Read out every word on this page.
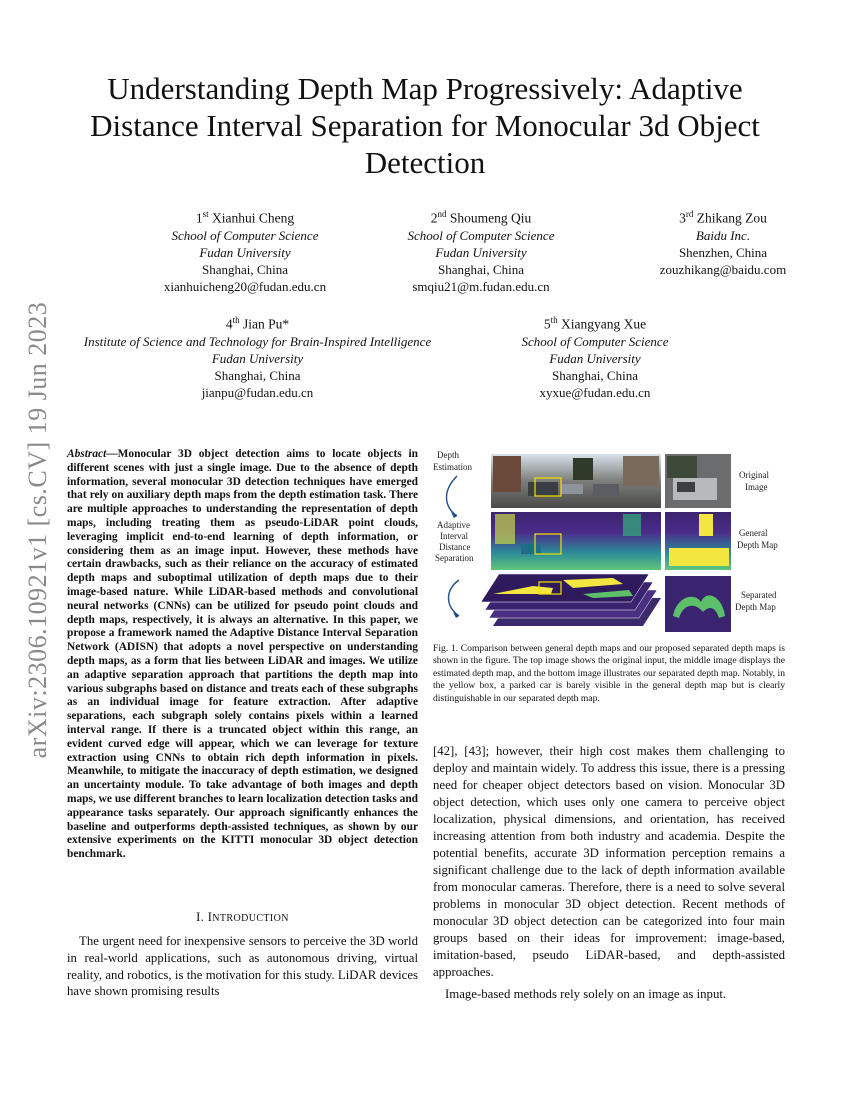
arXiv:2306.10921v1 [cs.CV] 19 Jun 2023
Understanding Depth Map Progressively: Adaptive Distance Interval Separation for Monocular 3d Object Detection
1st Xianhui Cheng
School of Computer Science
Fudan University
Shanghai, China
xianhuicheng20@fudan.edu.cn
2nd Shoumeng Qiu
School of Computer Science
Fudan University
Shanghai, China
smqiu21@m.fudan.edu.cn
3rd Zhikang Zou
Baidu Inc.
Shenzhen, China
zouzhikang@baidu.com
4th Jian Pu*
Institute of Science and Technology for Brain-Inspired Intelligence
Fudan University
Shanghai, China
jianpu@fudan.edu.cn
5th Xiangyang Xue
School of Computer Science
Fudan University
Shanghai, China
xyxue@fudan.edu.cn

Abstract—Monocular 3D object detection aims to locate objects in different scenes with just a single image. Due to the absence of depth information, several monocular 3D detection techniques have emerged that rely on auxiliary depth maps from the depth estimation task. There are multiple approaches to understanding the representation of depth maps, including treating them as pseudo-LiDAR point clouds, leveraging implicit end-to-end learning of depth information, or considering them as an image input. However, these methods have certain drawbacks, such as their reliance on the accuracy of estimated depth maps and suboptimal utilization of depth maps due to their image-based nature. While LiDAR-based methods and convolutional neural networks (CNNs) can be utilized for pseudo point clouds and depth maps, respectively, it is always an alternative. In this paper, we propose a framework named the Adaptive Distance Interval Separation Network (ADISN) that adopts a novel perspective on understanding depth maps, as a form that lies between LiDAR and images. We utilize an adaptive separation approach that partitions the depth map into various subgraphs based on distance and treats each of these subgraphs as an individual image for feature extraction. After adaptive separations, each subgraph solely contains pixels within a learned interval range. If there is a truncated object within this range, an evident curved edge will appear, which we can leverage for texture extraction using CNNs to obtain rich depth information in pixels. Meanwhile, to mitigate the inaccuracy of depth estimation, we designed an uncertainty module. To take advantage of both images and depth maps, we use different branches to learn localization detection tasks and appearance tasks separately. Our approach significantly enhances the baseline and outperforms depth-assisted techniques, as shown by our extensive experiments on the KITTI monocular 3D object detection benchmark.

I. INTRODUCTION

The urgent need for inexpensive sensors to perceive the 3D world in real-world applications, such as autonomous driving, virtual reality, and robotics, is the motivation for this study. LiDAR devices have shown promising results

Depth
Estimation
Adaptive
Interval
Distance
Separation
Original
Image
General
Depth Map
Separated
Depth Map

Fig. 1. Comparison between general depth maps and our proposed separated depth maps is shown in the figure. The top image shows the original input, the middle image displays the estimated depth map, and the bottom image illustrates our separated depth map. Notably, in the yellow box, a parked car is barely visible in the general depth map but is clearly distinguishable in our separated depth map.

[42], [43]; however, their high cost makes them challenging to deploy and maintain widely. To address this issue, there is a pressing need for cheaper object detectors based on vision. Monocular 3D object detection, which uses only one camera to perceive object localization, physical dimensions, and orientation, has received increasing attention from both industry and academia. Despite the potential benefits, accurate 3D information perception remains a significant challenge due to the lack of depth information available from monocular cameras. Therefore, there is a need to solve several problems in monocular 3D object detection. Recent methods of monocular 3D object detection can be categorized into four main groups based on their ideas for improvement: image-based, imitation-based, pseudo LiDAR-based, and depth-assisted approaches.

Image-based methods rely solely on an image as input.
